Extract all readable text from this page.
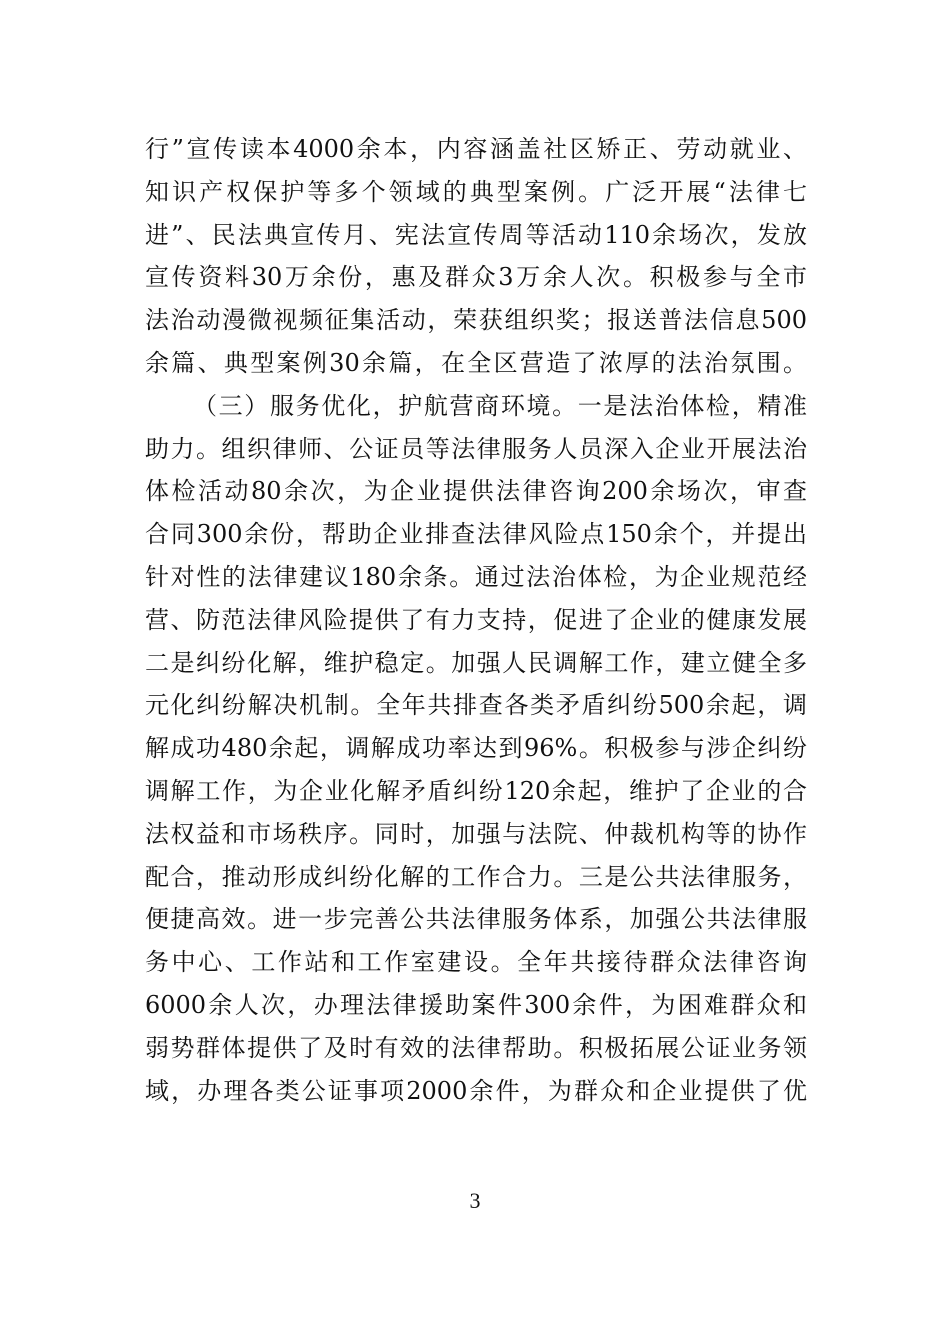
行”宣传读本4000余本，内容涵盖社区矫正、劳动就业、
知识产权保护等多个领域的典型案例。广泛开展“法律七
进”、民法典宣传月、宪法宣传周等活动110余场次，发放
宣传资料30万余份，惠及群众3万余人次。积极参与全市
法治动漫微视频征集活动，荣获组织奖；报送普法信息500
余篇、典型案例30余篇，在全区营造了浓厚的法治氛围。
（三）服务优化，护航营商环境。一是法治体检，精准
助力。组织律师、公证员等法律服务人员深入企业开展法治
体检活动80余次，为企业提供法律咨询200余场次，审查
合同300余份，帮助企业排查法律风险点150余个，并提出
针对性的法律建议180余条。通过法治体检，为企业规范经
营、防范法律风险提供了有力支持，促进了企业的健康发展
二是纠纷化解，维护稳定。加强人民调解工作，建立健全多
元化纠纷解决机制。全年共排查各类矛盾纠纷500余起，调
解成功480余起，调解成功率达到96%。积极参与涉企纠纷
调解工作，为企业化解矛盾纠纷120余起，维护了企业的合
法权益和市场秩序。同时，加强与法院、仲裁机构等的协作
配合，推动形成纠纷化解的工作合力。三是公共法律服务，
便捷高效。进一步完善公共法律服务体系，加强公共法律服
务中心、工作站和工作室建设。全年共接待群众法律咨询
6000余人次，办理法律援助案件300余件，为困难群众和
弱势群体提供了及时有效的法律帮助。积极拓展公证业务领
域，办理各类公证事项2000余件，为群众和企业提供了优
3
